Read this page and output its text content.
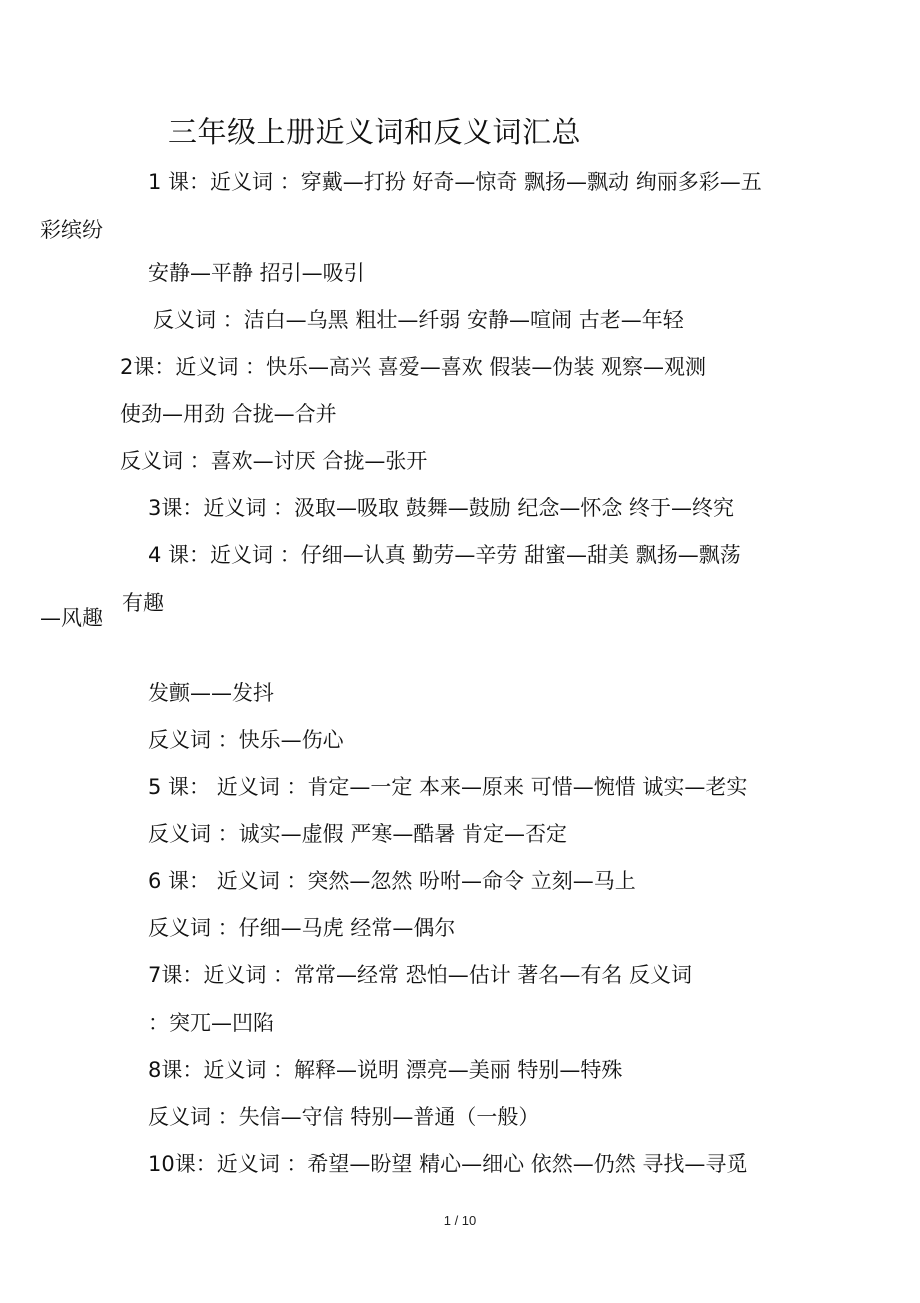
三年级上册近义词和反义词汇总
1 课：近义词 ：穿戴—打扮 好奇—惊奇 飘扬—飘动 绚丽多彩—五
彩缤纷
安静—平静 招引—吸引
反义词 ：洁白—乌黑 粗壮—纤弱 安静—喧闹 古老—年轻
2课：近义词 ：快乐—高兴 喜爱—喜欢 假装—伪装 观察—观测
使劲—用劲 合拢—合并
反义词 ：喜欢—讨厌 合拢—张开
3课：近义词 ：汲取—吸取 鼓舞—鼓励 纪念—怀念 终于—终究
4 课：近义词 ：仔细—认真 勤劳—辛劳 甜蜜—甜美 飘扬—飘荡
有趣
—风趣
发颤——发抖
反义词 ：快乐—伤心
5 课： 近义词 ：肯定—一定 本来—原来 可惜—惋惜 诚实—老实
反义词 ：诚实—虚假 严寒—酷暑 肯定—否定
6 课： 近义词 ：突然—忽然 吩咐—命令 立刻—马上
反义词 ：仔细—马虎 经常—偶尔
7课：近义词 ：常常—经常 恐怕—估计 著名—有名 反义词
：突兀—凹陷
8课：近义词 ：解释—说明 漂亮—美丽 特别—特殊
反义词 ：失信—守信 特别—普通（一般）
10课：近义词 ：希望—盼望 精心—细心 依然—仍然 寻找—寻觅
1 / 10
